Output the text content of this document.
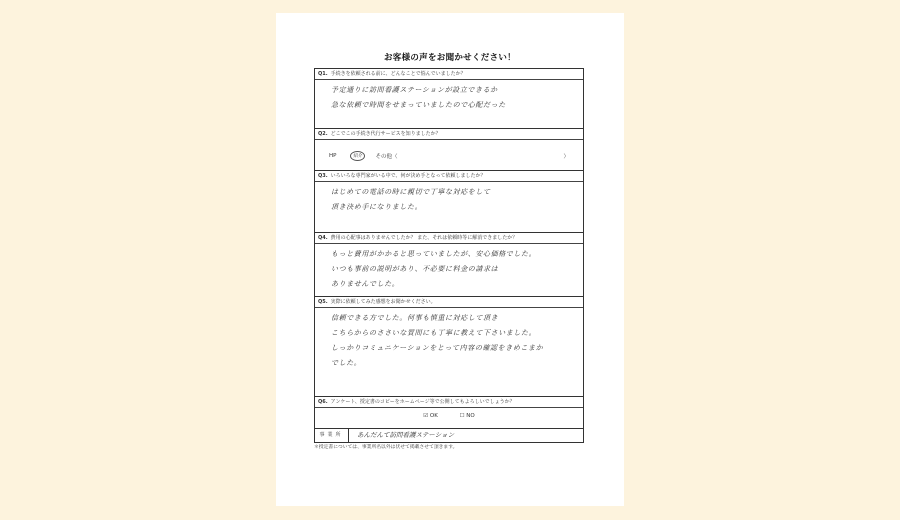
お客様の声をお聞かせください！
Q1. 手続きを依頼される前に、どんなことで悩んでいましたか？
予定通りに訪問看護ステーションが設立できるか
急な依頼で時間をせまっていましたので心配だった
Q2. どこでこの手続き代行サービスを知りましたか？
HP	紹介	その他（	）
Q3. いろいろな専門家がいる中で、何が決め手となって依頼しましたか？
はじめての電話の時に親切で丁寧な対応をして
頂き決め手になりました。
Q4. 費用の心配事はありませんでしたか？ また、それは依頼時等に解消できましたか？
もっと費用がかかると思っていましたが、安心価格でした。
いつも事前の説明があり、不必要に料金の請求は
ありませんでした。
Q5. 実際に依頼してみた感想をお聞かせください。
信頼できる方でした。何事も慎重に対応して頂き
こちらからのささいな質問にも丁寧に教えて下さいました。
しっかりコミュニケーションをとって内容の確認をきめこまか
でした。
Q6. アンケート、授定書のコピーをホームページ等で公開してもよろしいでしょうか？
☑ OK	☐ NO
事業所	あんだんて訪問看護ステーション
＊授定書については、事業所名以外は伏せて掲載させて頂きます。
